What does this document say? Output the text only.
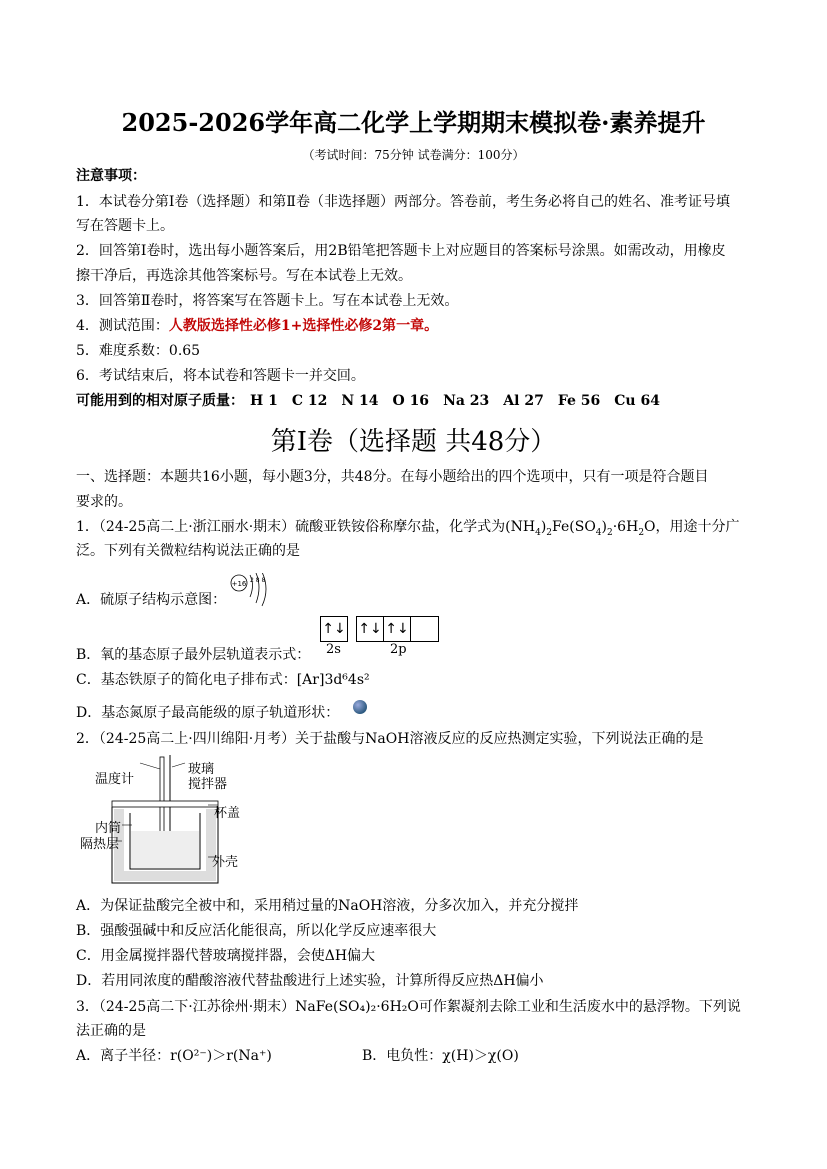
2025-2026学年高二化学上学期期末模拟卷·素养提升
（考试时间：75分钟 试卷满分：100分）
注意事项：
1．本试卷分第Ⅰ卷（选择题）和第Ⅱ卷（非选择题）两部分。答卷前，考生务必将自己的姓名、准考证号填
写在答题卡上。
2．回答第Ⅰ卷时，选出每小题答案后，用2B铅笔把答题卡上对应题目的答案标号涂黑。如需改动，用橡皮
擦干净后，再选涂其他答案标号。写在本试卷上无效。
3．回答第Ⅱ卷时，将答案写在答题卡上。写在本试卷上无效。
4．测试范围：人教版选择性必修1+选择性必修2第一章。
5．难度系数：0.65
6．考试结束后，将本试卷和答题卡一并交回。
可能用到的相对原子质量： H 1 C 12 N 14 O 16 Na 23 Al 27 Fe 56 Cu 64
第Ⅰ卷（选择题 共48分）
一、选择题：本题共16小题，每小题3分，共48分。在每小题给出的四个选项中，只有一项是符合题目
要求的。
1．（24-25高二上·浙江丽水·期末）硫酸亚铁铵俗称摩尔盐，化学式为$(NH_4)_2Fe(SO_4)_2\cdot 6H_2O$，用途十分广
泛。下列有关微粒结构说法正确的是
A．硫原子结构示意图：
+16 2 8 8
↑↓ ↑↓ ↑↓
2s	2p
B．氧的基态原子最外层轨道表示式：
C．基态铁原子的简化电子排布式：[Ar]3d⁶4s²
D．基态氮原子最高能级的原子轨道形状：
2．（24-25高二上·四川绵阳·月考）关于盐酸与NaOH溶液反应的反应热测定实验，下列说法正确的是
温度计
玻璃
搅拌器
杯盖
内筒
隔热层
外壳
A．为保证盐酸完全被中和，采用稍过量的NaOH溶液，分多次加入，并充分搅拌
B．强酸强碱中和反应活化能很高，所以化学反应速率很大
C．用金属搅拌器代替玻璃搅拌器，会使ΔH偏大
D．若用同浓度的醋酸溶液代替盐酸进行上述实验，计算所得反应热ΔH偏小
3．（24-25高二下·江苏徐州·期末）NaFe(SO₄)₂·6H₂O可作絮凝剂去除工业和生活废水中的悬浮物。下列说
法正确的是
A．离子半径：r(O²⁻)＞r(Na⁺)	B．电负性：χ(H)＞χ(O)
